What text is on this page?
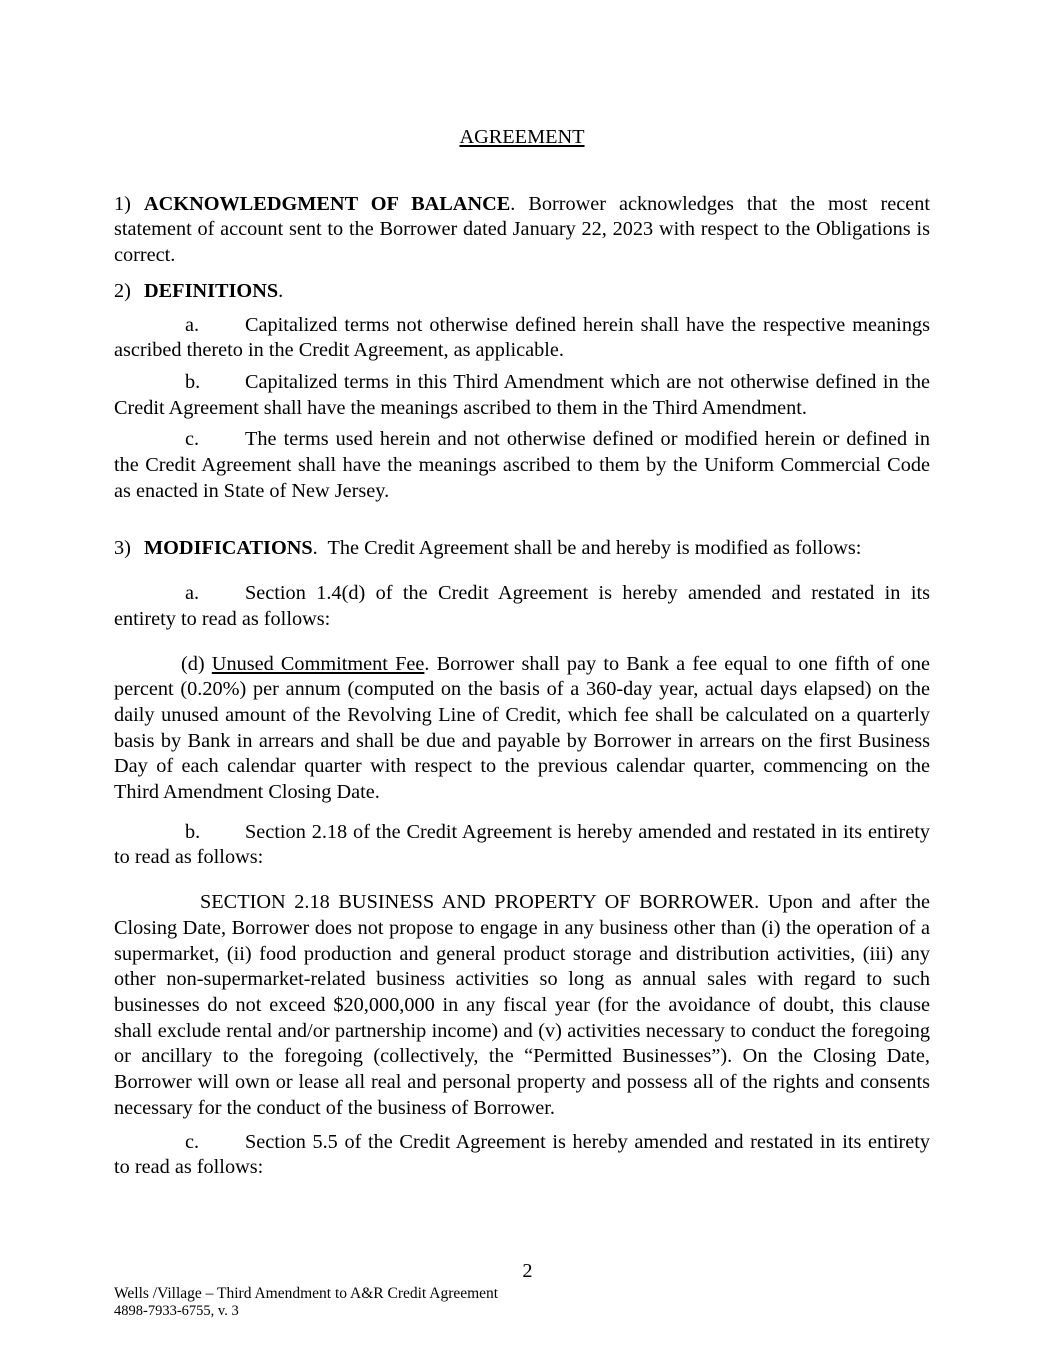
AGREEMENT

1) ACKNOWLEDGMENT OF BALANCE. Borrower acknowledges that the most recent statement of account sent to the Borrower dated January 22, 2023 with respect to the Obligations is correct.

2) DEFINITIONS.

a. Capitalized terms not otherwise defined herein shall have the respective meanings ascribed thereto in the Credit Agreement, as applicable.

b. Capitalized terms in this Third Amendment which are not otherwise defined in the Credit Agreement shall have the meanings ascribed to them in the Third Amendment.

c. The terms used herein and not otherwise defined or modified herein or defined in the Credit Agreement shall have the meanings ascribed to them by the Uniform Commercial Code as enacted in State of New Jersey.

3) MODIFICATIONS.  The Credit Agreement shall be and hereby is modified as follows:

a. Section 1.4(d) of the Credit Agreement is hereby amended and restated in its entirety to read as follows:

(d) Unused Commitment Fee. Borrower shall pay to Bank a fee equal to one fifth of one percent (0.20%) per annum (computed on the basis of a 360-day year, actual days elapsed) on the daily unused amount of the Revolving Line of Credit, which fee shall be calculated on a quarterly basis by Bank in arrears and shall be due and payable by Borrower in arrears on the first Business Day of each calendar quarter with respect to the previous calendar quarter, commencing on the Third Amendment Closing Date.

b. Section 2.18 of the Credit Agreement is hereby amended and restated in its entirety to read as follows:

SECTION 2.18 BUSINESS AND PROPERTY OF BORROWER. Upon and after the Closing Date, Borrower does not propose to engage in any business other than (i) the operation of a supermarket, (ii) food production and general product storage and distribution activities, (iii) any other non-supermarket-related business activities so long as annual sales with regard to such businesses do not exceed $20,000,000 in any fiscal year (for the avoidance of doubt, this clause shall exclude rental and/or partnership income) and (v) activities necessary to conduct the foregoing or ancillary to the foregoing (collectively, the “Permitted Businesses”). On the Closing Date, Borrower will own or lease all real and personal property and possess all of the rights and consents necessary for the conduct of the business of Borrower.

c. Section 5.5 of the Credit Agreement is hereby amended and restated in its entirety to read as follows:

2
Wells /Village – Third Amendment to A&R Credit Agreement
4898-7933-6755, v. 3
